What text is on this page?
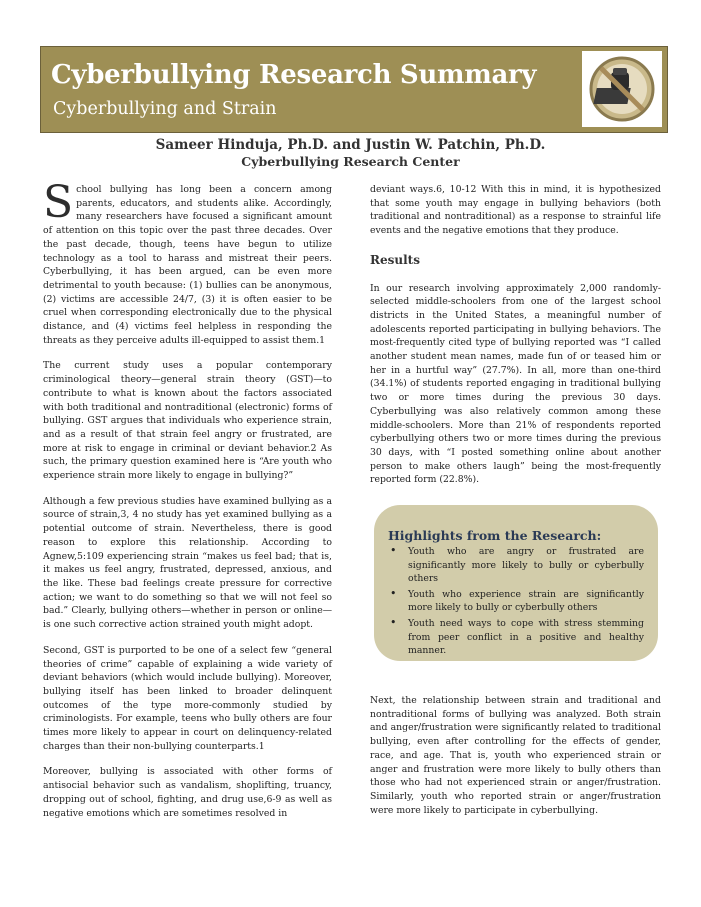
Cyberbullying Research Summary
Cyberbullying and Strain
Sameer Hinduja, Ph.D. and Justin W. Patchin, Ph.D.
Cyberbullying Research Center

School bullying has long been a concern among parents, educators, and students alike. Accordingly, many researchers have focused a significant amount of attention on this topic over the past three decades. Over the past decade, though, teens have begun to utilize technology as a tool to harass and mistreat their peers. Cyberbullying, it has been argued, can be even more detrimental to youth because: (1) bullies can be anonymous, (2) victims are accessible 24/7, (3) it is often easier to be cruel when corresponding electronically due to the physical distance, and (4) victims feel helpless in responding the threats as they perceive adults ill-equipped to assist them.1

The current study uses a popular contemporary criminological theory—general strain theory (GST)—to contribute to what is known about the factors associated with both traditional and nontraditional (electronic) forms of bullying. GST argues that individuals who experience strain, and as a result of that strain feel angry or frustrated, are more at risk to engage in criminal or deviant behavior.2 As such, the primary question examined here is “Are youth who experience strain more likely to engage in bullying?”

Although a few previous studies have examined bullying as a source of strain,3, 4 no study has yet examined bullying as a potential outcome of strain. Nevertheless, there is good reason to explore this relationship. According to Agnew,5:109 experiencing strain “makes us feel bad; that is, it makes us feel angry, frustrated, depressed, anxious, and the like. These bad feelings create pressure for corrective action; we want to do something so that we will not feel so bad.” Clearly, bullying others—whether in person or online—is one such corrective action strained youth might adopt.

Second, GST is purported to be one of a select few “general theories of crime” capable of explaining a wide variety of deviant behaviors (which would include bullying). Moreover, bullying itself has been linked to broader delinquent outcomes of the type more-commonly studied by criminologists. For example, teens who bully others are four times more likely to appear in court on delinquency-related charges than their non-bullying counterparts.1

Moreover, bullying is associated with other forms of antisocial behavior such as vandalism, shoplifting, truancy, dropping out of school, fighting, and drug use,6-9 as well as negative emotions which are sometimes resolved in

deviant ways.6, 10-12 With this in mind, it is hypothesized that some youth may engage in bullying behaviors (both traditional and nontraditional) as a response to strainful life events and the negative emotions that they produce.

Results

In our research involving approximately 2,000 randomly-selected middle-schoolers from one of the largest school districts in the United States, a meaningful number of adolescents reported participating in bullying behaviors. The most-frequently cited type of bullying reported was “I called another student mean names, made fun of or teased him or her in a hurtful way” (27.7%). In all, more than one-third (34.1%) of students reported engaging in traditional bullying two or more times during the previous 30 days. Cyberbullying was also relatively common among these middle-schoolers. More than 21% of respondents reported cyberbullying others two or more times during the previous 30 days, with “I posted something online about another person to make others laugh” being the most-frequently reported form (22.8%).

Highlights from the Research:
• Youth who are angry or frustrated are significantly more likely to bully or cyberbully others
• Youth who experience strain are significantly more likely to bully or cyberbully others
• Youth need ways to cope with stress stemming from peer conflict in a positive and healthy manner.

Next, the relationship between strain and traditional and nontraditional forms of bullying was analyzed. Both strain and anger/frustration were significantly related to traditional bullying, even after controlling for the effects of gender, race, and age. That is, youth who experienced strain or anger and frustration were more likely to bully others than those who had not experienced strain or anger/frustration. Similarly, youth who reported strain or anger/frustration were more likely to participate in cyberbullying.
